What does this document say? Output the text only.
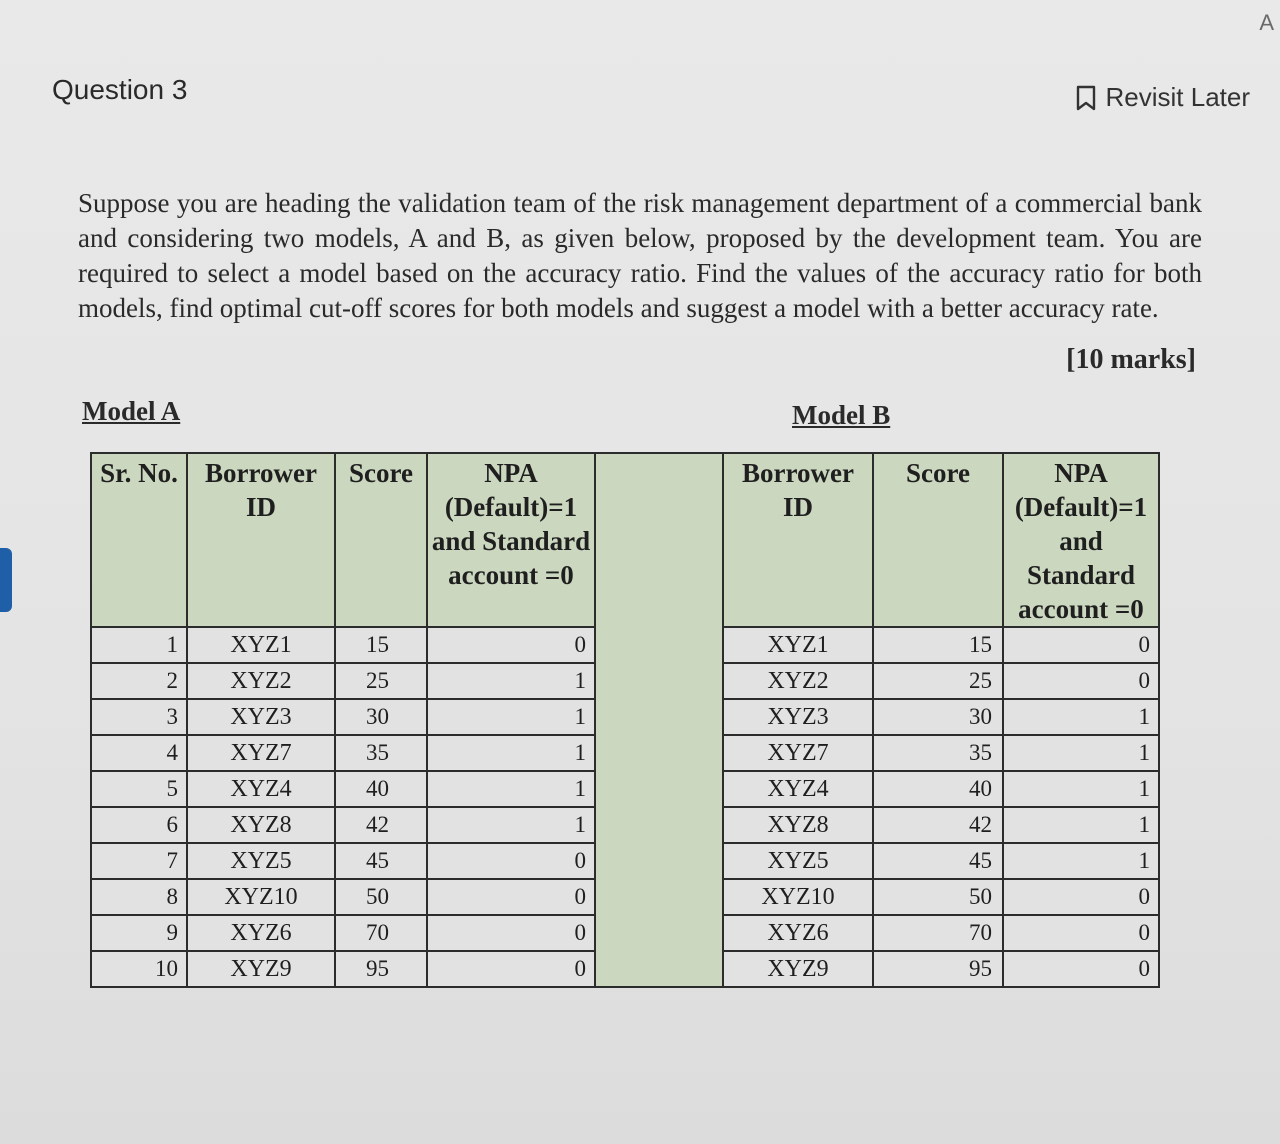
A
Question 3	Revisit Later
Suppose you are heading the validation team of the risk management department of a commercial bank and considering two models, A and B, as given below, proposed by the development team. You are required to select a model based on the accuracy ratio. Find the values of the accuracy ratio for both models, find optimal cut-off scores for both models and suggest a model with a better accuracy rate.
[10 marks]
Model A	Model B
Sr. No.	Borrower ID	Score	NPA (Default)=1 and Standard account =0		Borrower ID	Score	NPA (Default)=1 and Standard account =0
1	XYZ1	15	0		XYZ1	15	0
2	XYZ2	25	1		XYZ2	25	0
3	XYZ3	30	1		XYZ3	30	1
4	XYZ7	35	1		XYZ7	35	1
5	XYZ4	40	1		XYZ4	40	1
6	XYZ8	42	1		XYZ8	42	1
7	XYZ5	45	0		XYZ5	45	1
8	XYZ10	50	0		XYZ10	50	0
9	XYZ6	70	0		XYZ6	70	0
10	XYZ9	95	0		XYZ9	95	0
